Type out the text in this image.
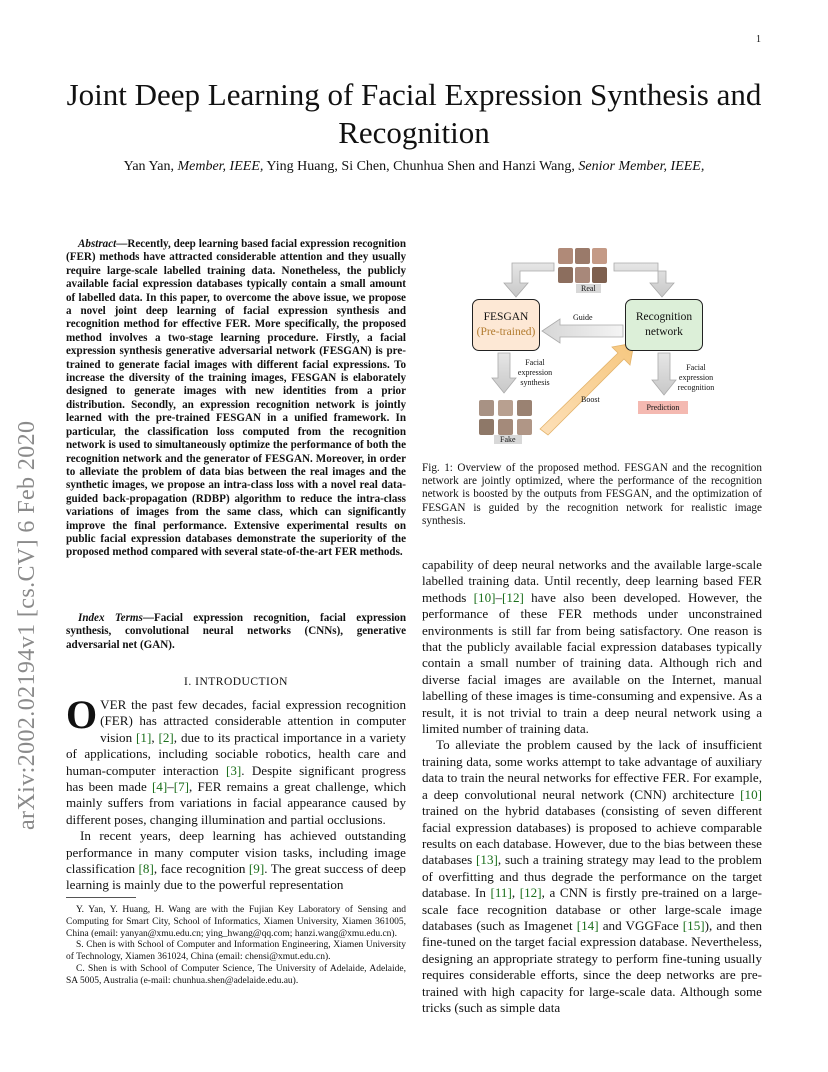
1
arXiv:2002.02194v1 [cs.CV] 6 Feb 2020
Joint Deep Learning of Facial Expression Synthesis and Recognition
Yan Yan, Member, IEEE, Ying Huang, Si Chen, Chunhua Shen and Hanzi Wang, Senior Member, IEEE,
Abstract—Recently, deep learning based facial expression recognition (FER) methods have attracted considerable attention and they usually require large-scale labelled training data. Nonetheless, the publicly available facial expression databases typically contain a small amount of labelled data. In this paper, to overcome the above issue, we propose a novel joint deep learning of facial expression synthesis and recognition method for effective FER. More specifically, the proposed method involves a two-stage learning procedure. Firstly, a facial expression synthesis generative adversarial network (FESGAN) is pre-trained to generate facial images with different facial expressions. To increase the diversity of the training images, FESGAN is elaborately designed to generate images with new identities from a prior distribution. Secondly, an expression recognition network is jointly learned with the pre-trained FESGAN in a unified framework. In particular, the classification loss computed from the recognition network is used to simultaneously optimize the performance of both the recognition network and the generator of FESGAN. Moreover, in order to alleviate the problem of data bias between the real images and the synthetic images, we propose an intra-class loss with a novel real data-guided back-propagation (RDBP) algorithm to reduce the intra-class variations of images from the same class, which can significantly improve the final performance. Extensive experimental results on public facial expression databases demonstrate the superiority of the proposed method compared with several state-of-the-art FER methods.
Index Terms—Facial expression recognition, facial expression synthesis, convolutional neural networks (CNNs), generative adversarial net (GAN).
I. INTRODUCTION

OVER the past few decades, facial expression recognition (FER) has attracted considerable attention in computer vision [1], [2], due to its practical importance in a variety of applications, including sociable robotics, health care and human-computer interaction [3]. Despite significant progress has been made [4]–[7], FER remains a great challenge, which mainly suffers from variations in facial appearance caused by different poses, changing illumination and partial occlusions.

In recent years, deep learning has achieved outstanding performance in many computer vision tasks, including image classification [8], face recognition [9]. The great success of deep learning is mainly due to the powerful representation

Y. Yan, Y. Huang, H. Wang are with the Fujian Key Laboratory of Sensing and Computing for Smart City, School of Informatics, Xiamen University, Xiamen 361005, China (email: yanyan@xmu.edu.cn; ying_hwang@qq.com; hanzi.wang@xmu.edu.cn).

S. Chen is with School of Computer and Information Engineering, Xiamen University of Technology, Xiamen 361024, China (email: chensi@xmut.edu.cn).

C. Shen is with School of Computer Science, The University of Adelaide, Adelaide, SA 5005, Australia (e-mail: chunhua.shen@adelaide.edu.au).

Real
FESGAN
(Pre-trained)
Recognition
network
Guide
Boost
Facial
expression
synthesis
Facial
expression
recognition
Fake
Prediction
Fig. 1: Overview of the proposed method. FESGAN and the recognition network are jointly optimized, where the performance of the recognition network is boosted by the outputs from FESGAN, and the optimization of FESGAN is guided by the recognition network for realistic image synthesis.

capability of deep neural networks and the available large-scale labelled training data. Until recently, deep learning based FER methods [10]–[12] have also been developed. However, the performance of these FER methods under unconstrained environments is still far from being satisfactory. One reason is that the publicly available facial expression databases typically contain a small number of training data. Although rich and diverse facial images are available on the Internet, manual labelling of these images is time-consuming and expensive. As a result, it is not trivial to train a deep neural network using a limited number of training data.

To alleviate the problem caused by the lack of insufficient training data, some works attempt to take advantage of auxiliary data to train the neural networks for effective FER. For example, a deep convolutional neural network (CNN) architecture [10] trained on the hybrid databases (consisting of seven different facial expression databases) is proposed to achieve comparable results on each database. However, due to the bias between these databases [13], such a training strategy may lead to the problem of overfitting and thus degrade the performance on the target database. In [11], [12], a CNN is firstly pre-trained on a large-scale face recognition database or other large-scale image databases (such as Imagenet [14] and VGGFace [15]), and then fine-tuned on the target facial expression database. Nevertheless, designing an appropriate strategy to perform fine-tuning usually requires considerable efforts, since the deep networks are pre-trained with high capacity for large-scale data. Although some tricks (such as simple data
